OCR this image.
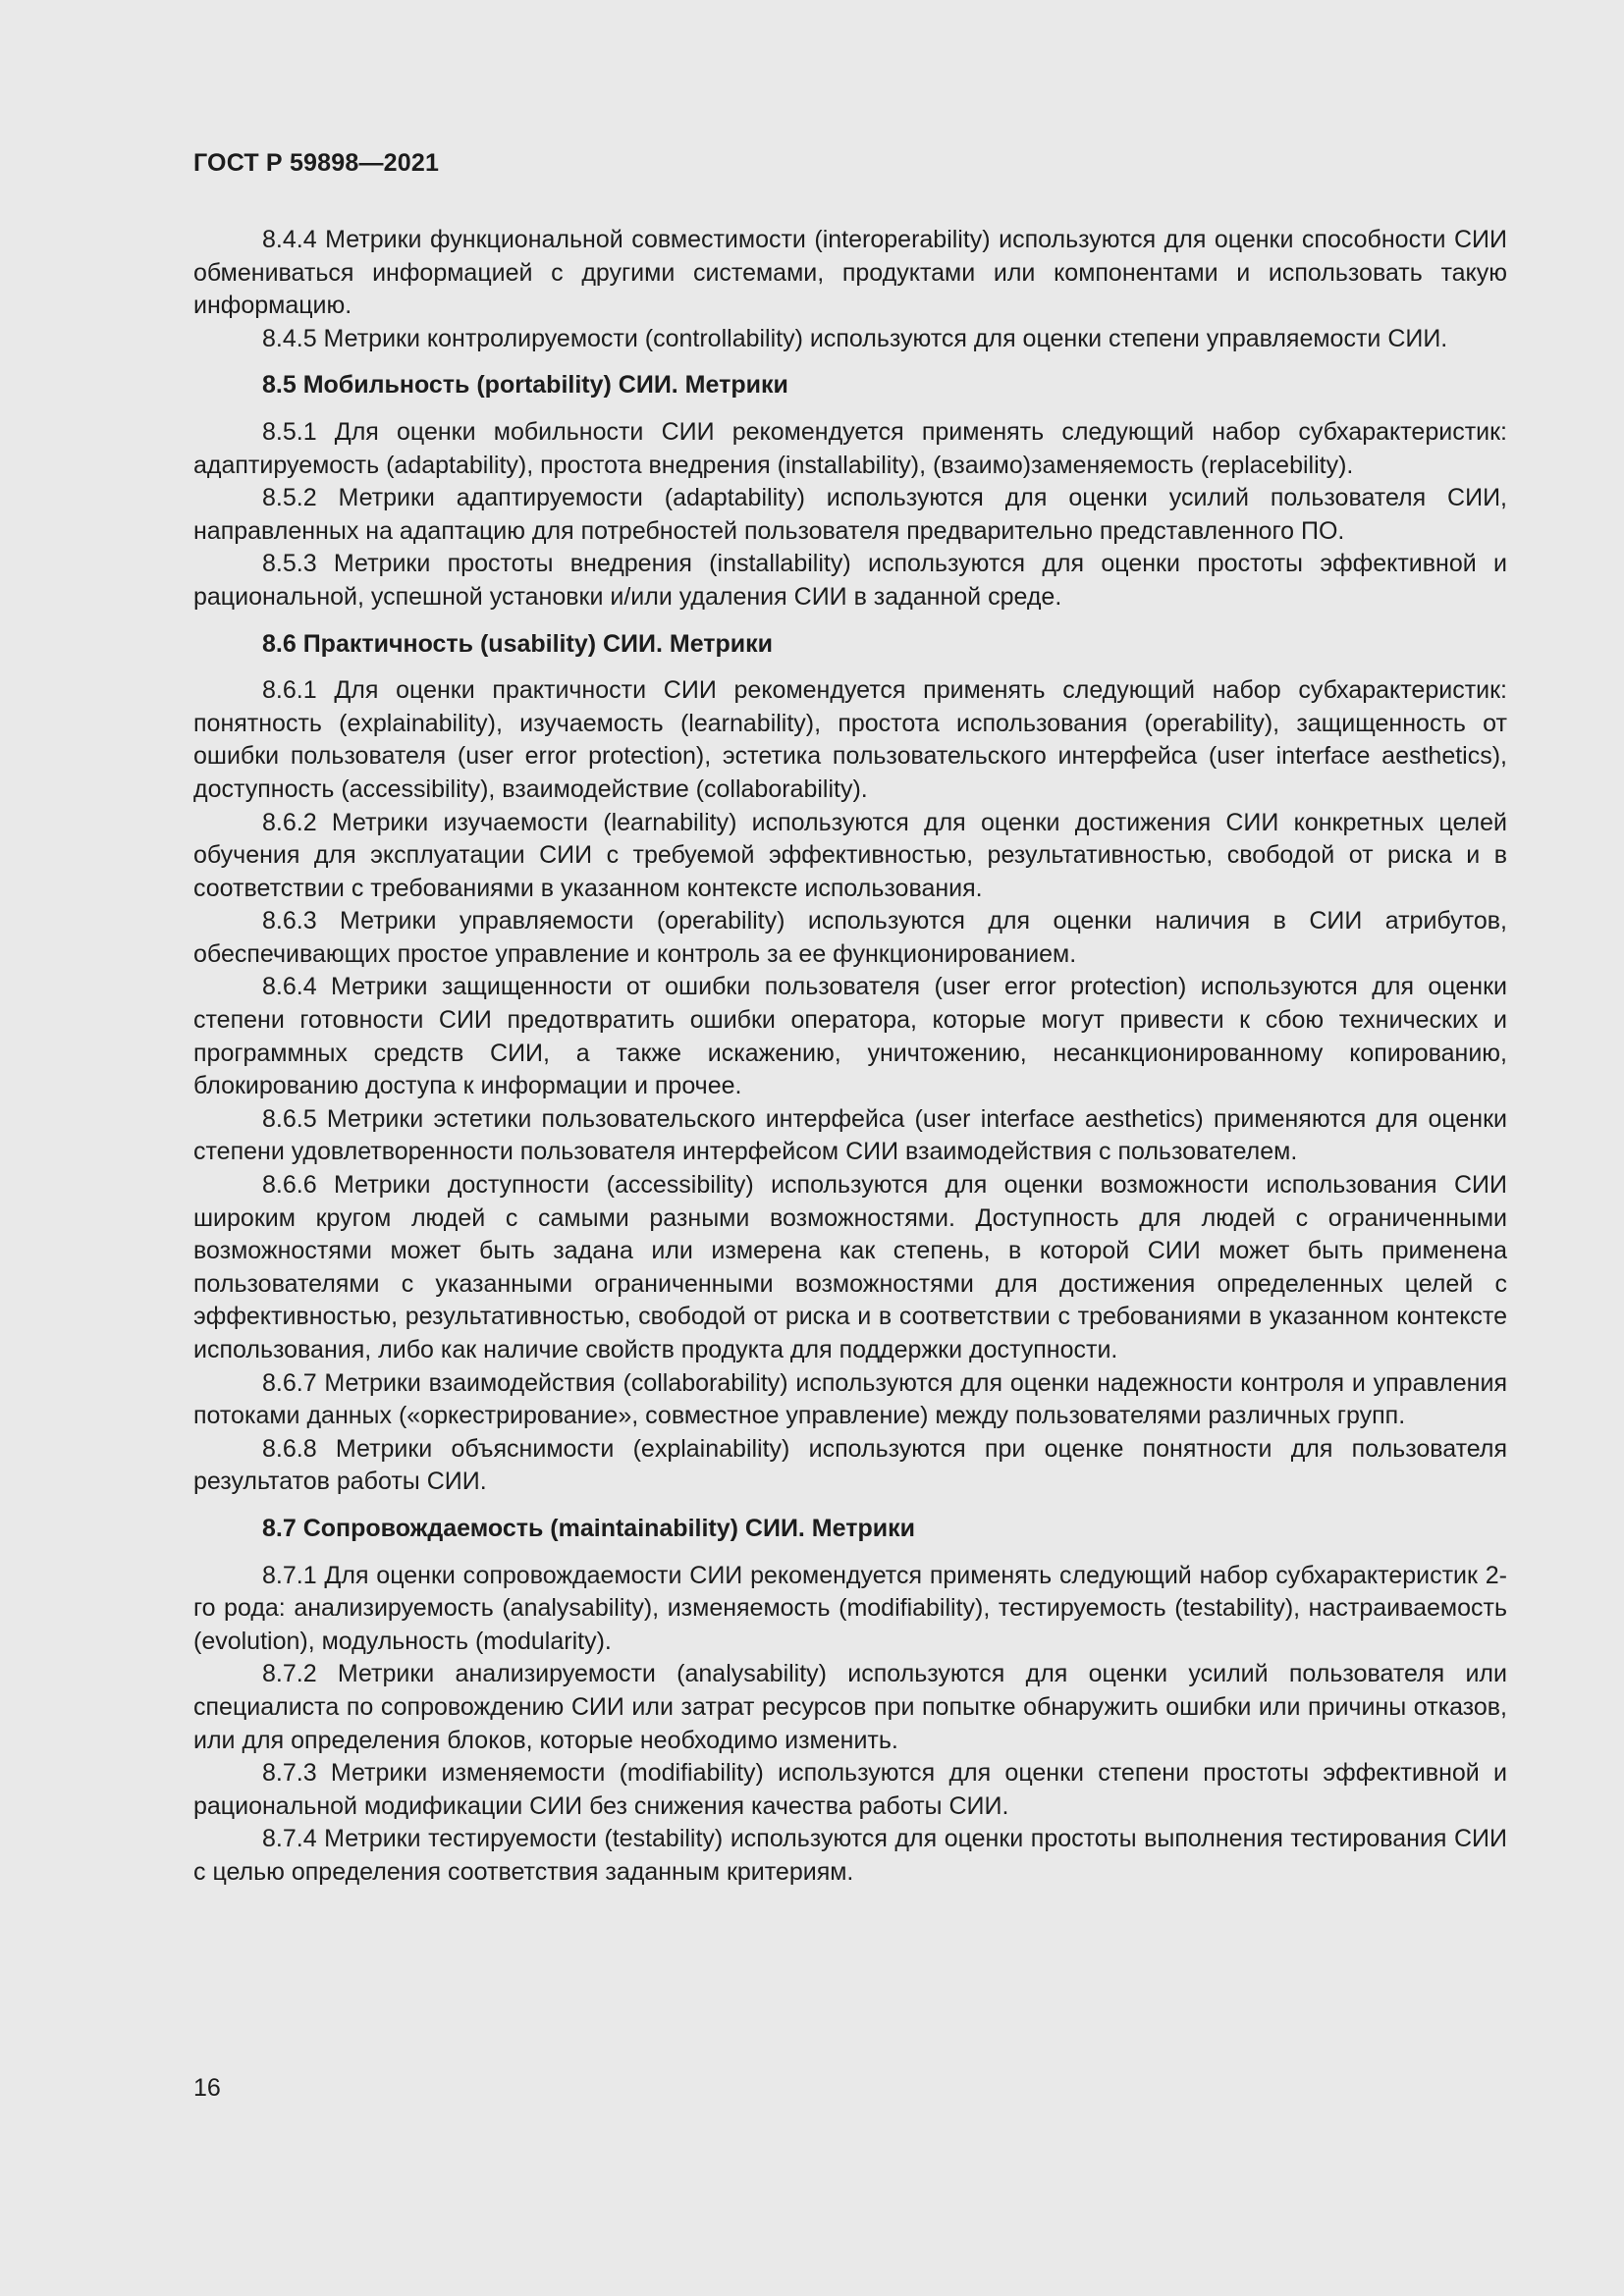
ГОСТ Р 59898—2021

8.4.4 Метрики функциональной совместимости (interoperability) используются для оценки способности СИИ обмениваться информацией с другими системами, продуктами или компонентами и использовать такую информацию.

8.4.5 Метрики контролируемости (controllability) используются для оценки степени управляемости СИИ.

8.5 Мобильность (portability) СИИ. Метрики

8.5.1 Для оценки мобильности СИИ рекомендуется применять следующий набор субхарактеристик: адаптируемость (adaptability), простота внедрения (installability), (взаимо)заменяемость (replacebility).

8.5.2 Метрики адаптируемости (adaptability) используются для оценки усилий пользователя СИИ, направленных на адаптацию для потребностей пользователя предварительно представленного ПО.

8.5.3 Метрики простоты внедрения (installability) используются для оценки простоты эффективной и рациональной, успешной установки и/или удаления СИИ в заданной среде.

8.6 Практичность (usability) СИИ. Метрики

8.6.1 Для оценки практичности СИИ рекомендуется применять следующий набор субхарактеристик: понятность (explainability), изучаемость (learnability), простота использования (operability), защищенность от ошибки пользователя (user error protection), эстетика пользовательского интерфейса (user interface aesthetics), доступность (accessibility), взаимодействие (collaborability).

8.6.2 Метрики изучаемости (learnability) используются для оценки достижения СИИ конкретных целей обучения для эксплуатации СИИ с требуемой эффективностью, результативностью, свободой от риска и в соответствии с требованиями в указанном контексте использования.

8.6.3 Метрики управляемости (operability) используются для оценки наличия в СИИ атрибутов, обеспечивающих простое управление и контроль за ее функционированием.

8.6.4 Метрики защищенности от ошибки пользователя (user error protection) используются для оценки степени готовности СИИ предотвратить ошибки оператора, которые могут привести к сбою технических и программных средств СИИ, а также искажению, уничтожению, несанкционированному копированию, блокированию доступа к информации и прочее.

8.6.5 Метрики эстетики пользовательского интерфейса (user interface aesthetics) применяются для оценки степени удовлетворенности пользователя интерфейсом СИИ взаимодействия с пользователем.

8.6.6 Метрики доступности (accessibility) используются для оценки возможности использования СИИ широким кругом людей с самыми разными возможностями. Доступность для людей с ограниченными возможностями может быть задана или измерена как степень, в которой СИИ может быть применена пользователями с указанными ограниченными возможностями для достижения определенных целей с эффективностью, результативностью, свободой от риска и в соответствии с требованиями в указанном контексте использования, либо как наличие свойств продукта для поддержки доступности.

8.6.7 Метрики взаимодействия (collaborability) используются для оценки надежности контроля и управления потоками данных («оркестрирование», совместное управление) между пользователями различных групп.

8.6.8 Метрики объяснимости (explainability) используются при оценке понятности для пользователя результатов работы СИИ.

8.7 Сопровождаемость (maintainability) СИИ. Метрики

8.7.1 Для оценки сопровождаемости СИИ рекомендуется применять следующий набор субхарактеристик 2-го рода: анализируемость (analysability), изменяемость (modifiability), тестируемость (testability), настраиваемость (evolution), модульность (modularity).

8.7.2 Метрики анализируемости (analysability) используются для оценки усилий пользователя или специалиста по сопровождению СИИ или затрат ресурсов при попытке обнаружить ошибки или причины отказов, или для определения блоков, которые необходимо изменить.

8.7.3 Метрики изменяемости (modifiability) используются для оценки степени простоты эффективной и рациональной модификации СИИ без снижения качества работы СИИ.

8.7.4 Метрики тестируемости (testability) используются для оценки простоты выполнения тестирования СИИ с целью определения соответствия заданным критериям.

16
